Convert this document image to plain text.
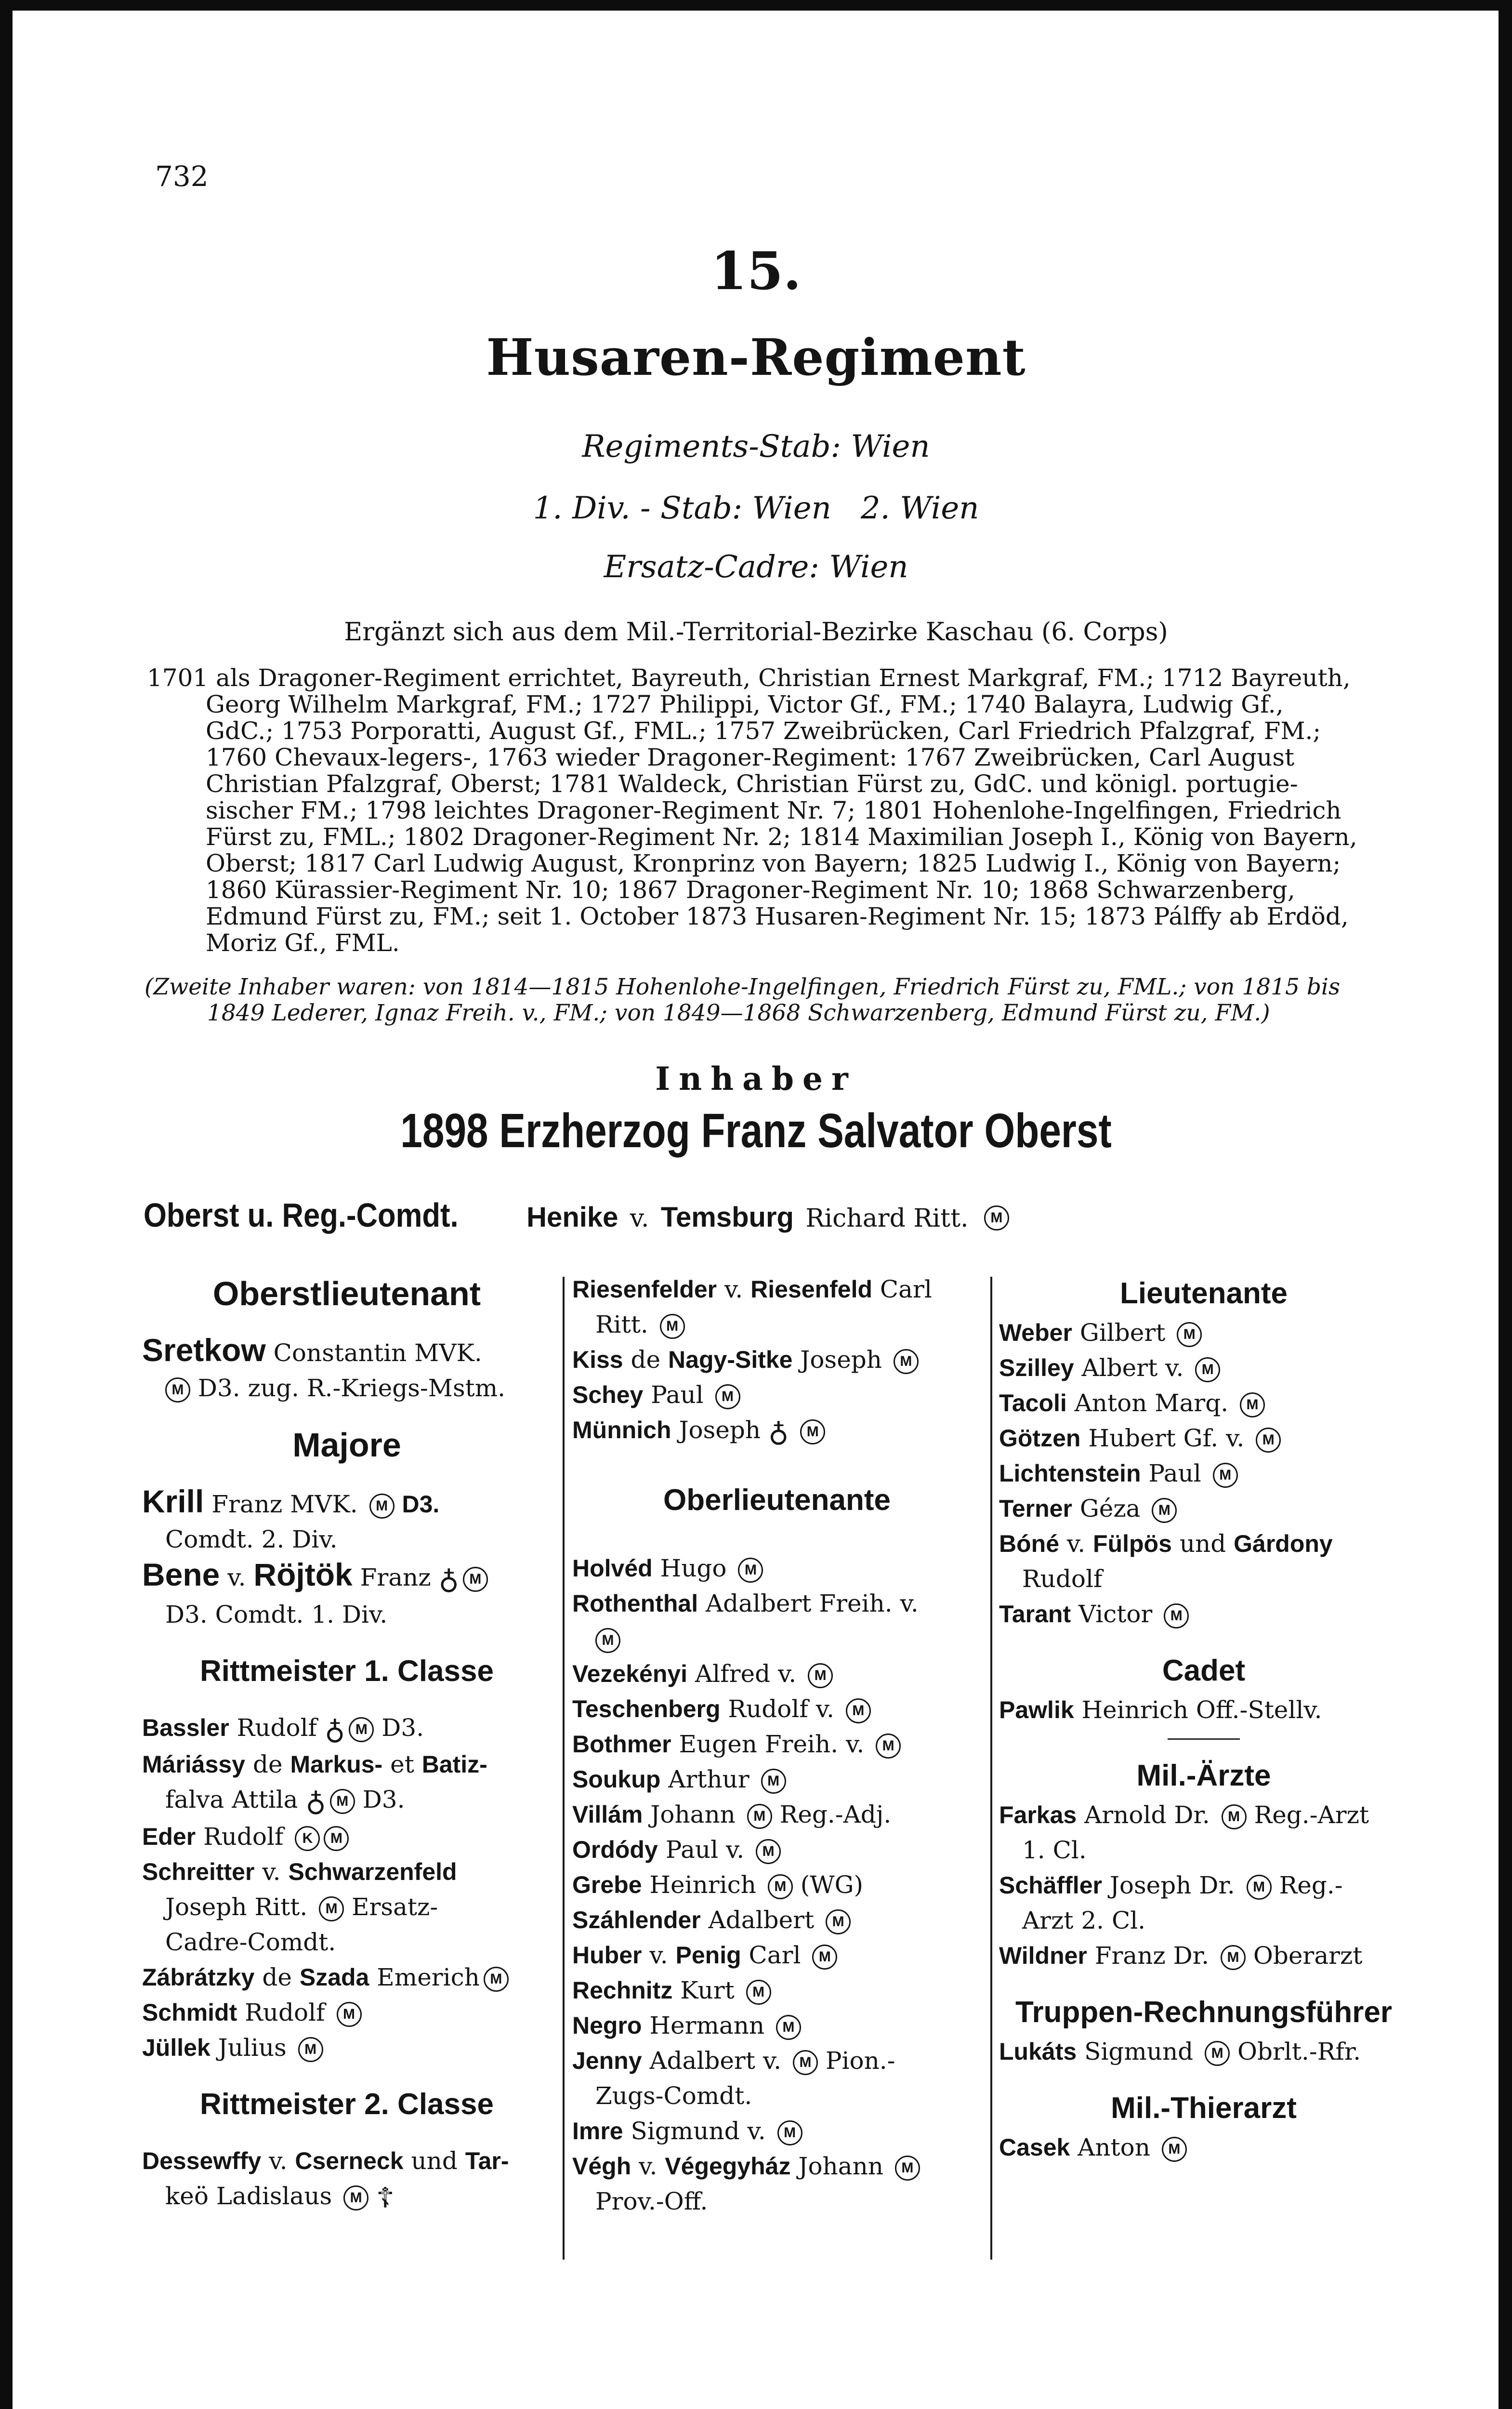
732
15.
Husaren-Regiment
Regiments-Stab: Wien
1. Div. - Stab: Wien   2. Wien
Ersatz-Cadre: Wien
Ergänzt sich aus dem Mil.-Territorial-Bezirke Kaschau (6. Corps)
1701 als Dragoner-Regiment errichtet, Bayreuth, Christian Ernest Markgraf, FM.; 1712 Bayreuth,
Georg Wilhelm Markgraf, FM.; 1727 Philippi, Victor Gf., FM.; 1740 Balayra, Ludwig Gf.,
GdC.; 1753 Porporatti, August Gf., FML.; 1757 Zweibrücken, Carl Friedrich Pfalzgraf, FM.;
1760 Chevaux-legers-, 1763 wieder Dragoner-Regiment: 1767 Zweibrücken, Carl August
Christian Pfalzgraf, Oberst; 1781 Waldeck, Christian Fürst zu, GdC. und königl. portugie-
sischer FM.; 1798 leichtes Dragoner-Regiment Nr. 7; 1801 Hohenlohe-Ingelfingen, Friedrich
Fürst zu, FML.; 1802 Dragoner-Regiment Nr. 2; 1814 Maximilian Joseph I., König von Bayern,
Oberst; 1817 Carl Ludwig August, Kronprinz von Bayern; 1825 Ludwig I., König von Bayern;
1860 Kürassier-Regiment Nr. 10; 1867 Dragoner-Regiment Nr. 10; 1868 Schwarzenberg,
Edmund Fürst zu, FM.; seit 1. October 1873 Husaren-Regiment Nr. 15; 1873 Pálffy ab Erdöd,
Moriz Gf., FML.
(Zweite Inhaber waren: von 1814—1815 Hohenlohe-Ingelfingen, Friedrich Fürst zu, FML.; von 1815 bis
1849 Lederer, Ignaz Freih. v., FM.; von 1849—1868 Schwarzenberg, Edmund Fürst zu, FM.)
Inhaber
1898 Erzherzog Franz Salvator Oberst
Oberst u. Reg.-Comdt. Henike v. Temsburg Richard Ritt. M
Oberstlieutenant
Sretkow Constantin MVK.
M D3. zug. R.-Kriegs-Mstm.
Majore
Krill Franz MVK. M D3.
Comdt. 2. Div.
Bene v. Röjtök Franz ♁ M
D3. Comdt. 1. Div.
Rittmeister 1. Classe
Bassler Rudolf ♁ M D3.
Máriássy de Markus- et Batiz-
falva Attila ♁ M D3.
Eder Rudolf K M
Schreitter v. Schwarzenfeld
Joseph Ritt. M Ersatz-
Cadre-Comdt.
Zábrátzky de Szada Emerich M
Schmidt Rudolf M
Jüllek Julius M
Rittmeister 2. Classe
Dessewffy v. Cserneck und Tar-
keö Ladislaus M ☦
Riesenfelder v. Riesenfeld Carl
Ritt. M
Kiss de Nagy-Sitke Joseph M
Schey Paul M
Münnich Joseph ♁ M
Oberlieutenante
Holvéd Hugo M
Rothenthal Adalbert Freih. v.
M
Vezekényi Alfred v. M
Teschenberg Rudolf v. M
Bothmer Eugen Freih. v. M
Soukup Arthur M
Villám Johann M Reg.-Adj.
Ordódy Paul v. M
Grebe Heinrich M (WG)
Száhlender Adalbert M
Huber v. Penig Carl M
Rechnitz Kurt M
Negro Hermann M
Jenny Adalbert v. M Pion.-
Zugs-Comdt.
Imre Sigmund v. M
Végh v. Végegyház Johann M
Prov.-Off.
Lieutenante
Weber Gilbert M
Szilley Albert v. M
Tacoli Anton Marq. M
Götzen Hubert Gf. v. M
Lichtenstein Paul M
Terner Géza M
Bóné v. Fülpös und Gárdony
Rudolf
Tarant Victor M
Cadet
Pawlik Heinrich Off.-Stellv.
Mil.-Ärzte
Farkas Arnold Dr. M Reg.-Arzt
1. Cl.
Schäffler Joseph Dr. M Reg.-
Arzt 2. Cl.
Wildner Franz Dr. M Oberarzt
Truppen-Rechnungsführer
Lukáts Sigmund M Obrlt.-Rfr.
Mil.-Thierarzt
Casek Anton M
